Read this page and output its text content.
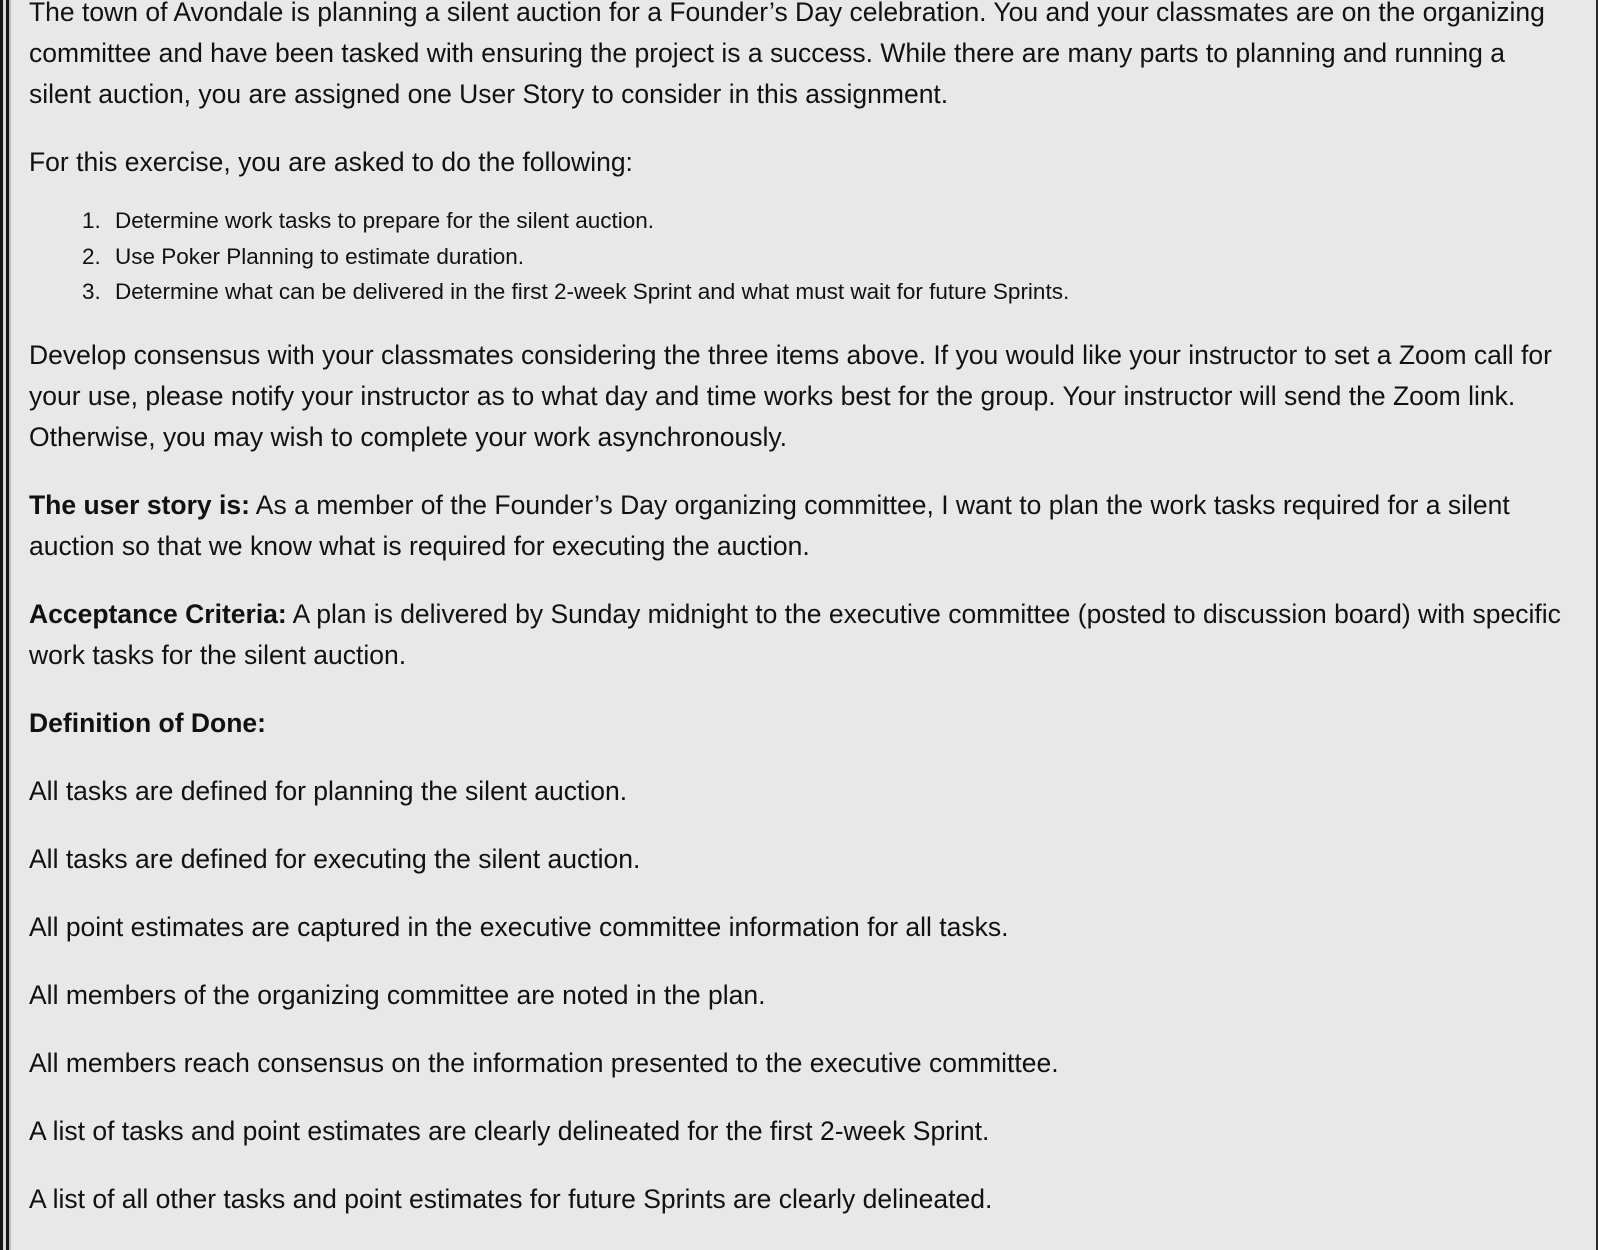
The town of Avondale is planning a silent auction for a Founder’s Day celebration. You and your classmates are on the organizing committee and have been tasked with ensuring the project is a success. While there are many parts to planning and running a silent auction, you are assigned one User Story to consider in this assignment.

For this exercise, you are asked to do the following:

1. Determine work tasks to prepare for the silent auction.
2. Use Poker Planning to estimate duration.
3. Determine what can be delivered in the first 2-week Sprint and what must wait for future Sprints.

Develop consensus with your classmates considering the three items above. If you would like your instructor to set a Zoom call for your use, please notify your instructor as to what day and time works best for the group. Your instructor will send the Zoom link. Otherwise, you may wish to complete your work asynchronously.

The user story is: As a member of the Founder’s Day organizing committee, I want to plan the work tasks required for a silent auction so that we know what is required for executing the auction.

Acceptance Criteria: A plan is delivered by Sunday midnight to the executive committee (posted to discussion board) with specific work tasks for the silent auction.

Definition of Done:

All tasks are defined for planning the silent auction.

All tasks are defined for executing the silent auction.

All point estimates are captured in the executive committee information for all tasks.

All members of the organizing committee are noted in the plan.

All members reach consensus on the information presented to the executive committee.

A list of tasks and point estimates are clearly delineated for the first 2-week Sprint.

A list of all other tasks and point estimates for future Sprints are clearly delineated.
